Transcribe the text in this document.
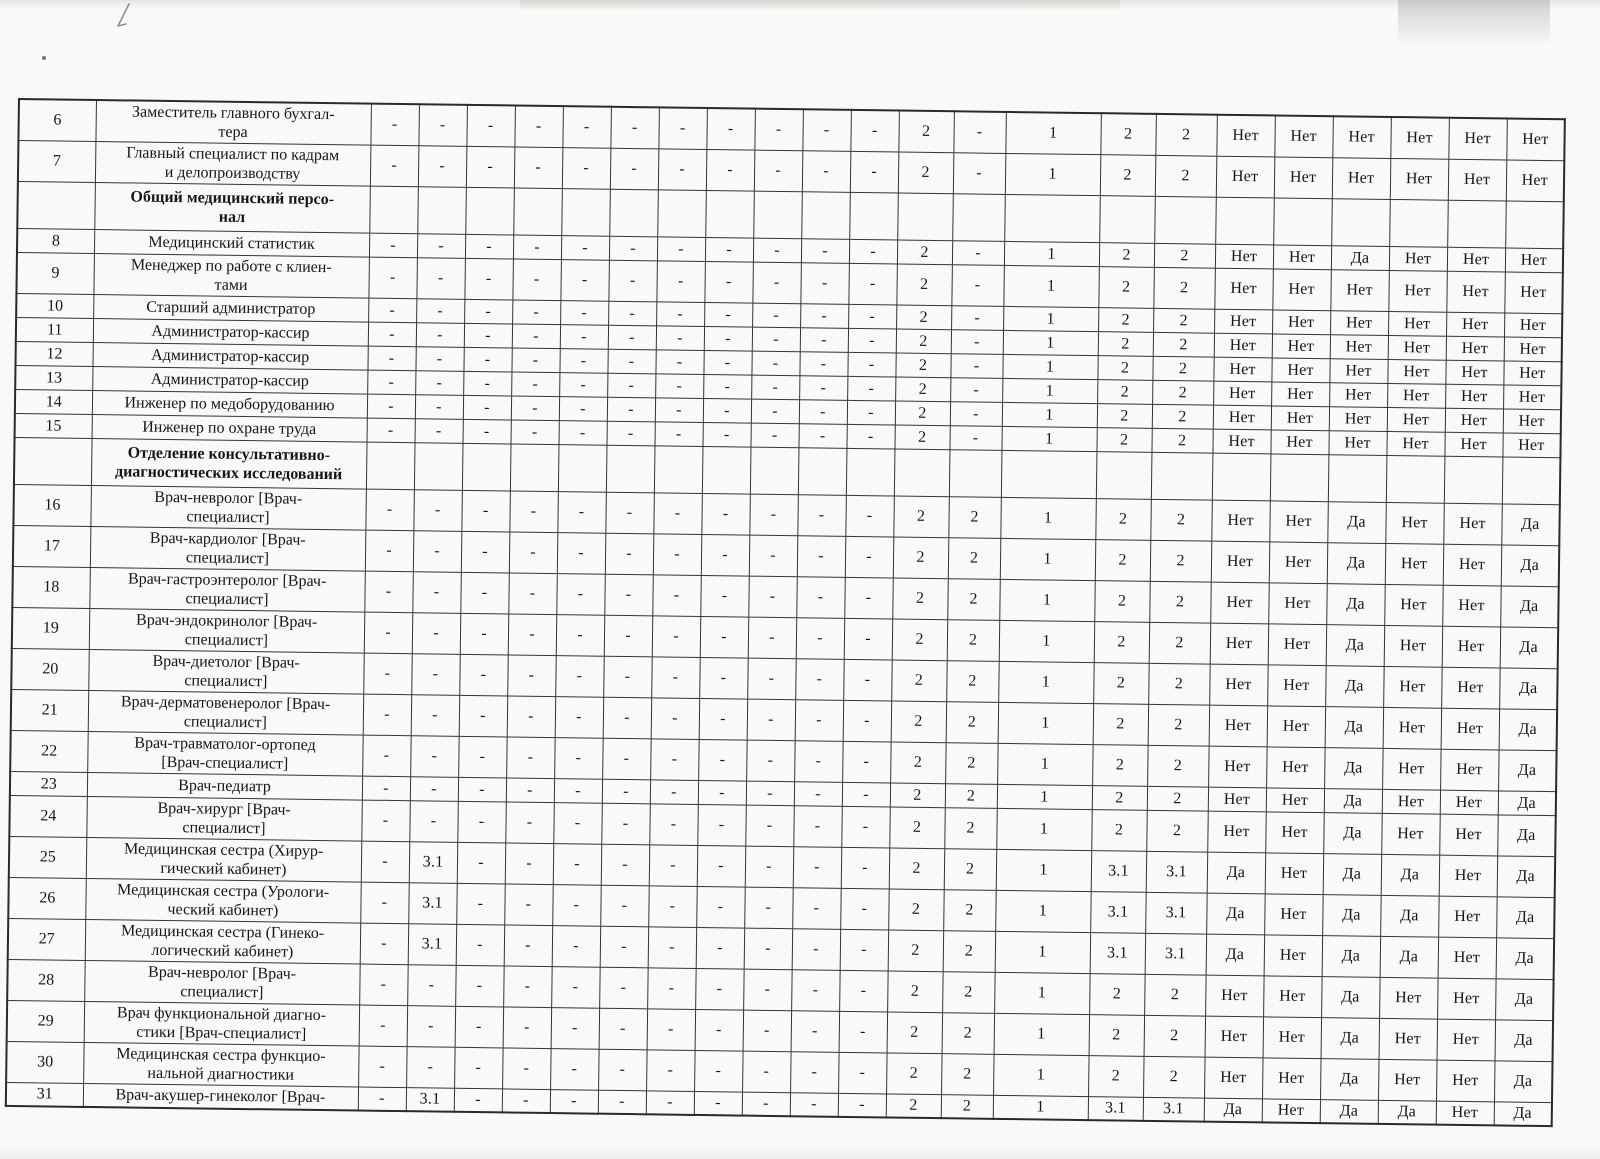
6	Заместитель главного бухгал-
тера	-	-	-	-	-	-	-	-	-	-	-	2	-	1	2	2	Нет	Нет	Нет	Нет	Нет	Нет
7	Главный специалист по кадрам
и делопроизводству	-	-	-	-	-	-	-	-	-	-	-	2	-	1	2	2	Нет	Нет	Нет	Нет	Нет	Нет
	Общий медицинский персо-
нал																						
8	Медицинский статистик	-	-	-	-	-	-	-	-	-	-	-	2	-	1	2	2	Нет	Нет	Да	Нет	Нет	Нет
9	Менеджер по работе с клиен-
тами	-	-	-	-	-	-	-	-	-	-	-	2	-	1	2	2	Нет	Нет	Нет	Нет	Нет	Нет
10	Старший администратор	-	-	-	-	-	-	-	-	-	-	-	2	-	1	2	2	Нет	Нет	Нет	Нет	Нет	Нет
11	Администратор-кассир	-	-	-	-	-	-	-	-	-	-	-	2	-	1	2	2	Нет	Нет	Нет	Нет	Нет	Нет
12	Администратор-кассир	-	-	-	-	-	-	-	-	-	-	-	2	-	1	2	2	Нет	Нет	Нет	Нет	Нет	Нет
13	Администратор-кассир	-	-	-	-	-	-	-	-	-	-	-	2	-	1	2	2	Нет	Нет	Нет	Нет	Нет	Нет
14	Инженер по медоборудованию	-	-	-	-	-	-	-	-	-	-	-	2	-	1	2	2	Нет	Нет	Нет	Нет	Нет	Нет
15	Инженер по охране труда	-	-	-	-	-	-	-	-	-	-	-	2	-	1	2	2	Нет	Нет	Нет	Нет	Нет	Нет
	Отделение консультативно-
диагностических исследований																						
16	Врач-невролог [Врач-
специалист]	-	-	-	-	-	-	-	-	-	-	-	2	2	1	2	2	Нет	Нет	Да	Нет	Нет	Да
17	Врач-кардиолог [Врач-
специалист]	-	-	-	-	-	-	-	-	-	-	-	2	2	1	2	2	Нет	Нет	Да	Нет	Нет	Да
18	Врач-гастроэнтеролог [Врач-
специалист]	-	-	-	-	-	-	-	-	-	-	-	2	2	1	2	2	Нет	Нет	Да	Нет	Нет	Да
19	Врач-эндокринолог [Врач-
специалист]	-	-	-	-	-	-	-	-	-	-	-	2	2	1	2	2	Нет	Нет	Да	Нет	Нет	Да
20	Врач-диетолог [Врач-
специалист]	-	-	-	-	-	-	-	-	-	-	-	2	2	1	2	2	Нет	Нет	Да	Нет	Нет	Да
21	Врач-дерматовенеролог [Врач-
специалист]	-	-	-	-	-	-	-	-	-	-	-	2	2	1	2	2	Нет	Нет	Да	Нет	Нет	Да
22	Врач-травматолог-ортопед
[Врач-специалист]	-	-	-	-	-	-	-	-	-	-	-	2	2	1	2	2	Нет	Нет	Да	Нет	Нет	Да
23	Врач-педиатр	-	-	-	-	-	-	-	-	-	-	-	2	2	1	2	2	Нет	Нет	Да	Нет	Нет	Да
24	Врач-хирург [Врач-
специалист]	-	-	-	-	-	-	-	-	-	-	-	2	2	1	2	2	Нет	Нет	Да	Нет	Нет	Да
25	Медицинская сестра (Хирур-
гический кабинет)	-	3.1	-	-	-	-	-	-	-	-	-	2	2	1	3.1	3.1	Да	Нет	Да	Да	Нет	Да
26	Медицинская сестра (Урологи-
ческий кабинет)	-	3.1	-	-	-	-	-	-	-	-	-	2	2	1	3.1	3.1	Да	Нет	Да	Да	Нет	Да
27	Медицинская сестра (Гинеко-
логический кабинет)	-	3.1	-	-	-	-	-	-	-	-	-	2	2	1	3.1	3.1	Да	Нет	Да	Да	Нет	Да
28	Врач-невролог [Врач-
специалист]	-	-	-	-	-	-	-	-	-	-	-	2	2	1	2	2	Нет	Нет	Да	Нет	Нет	Да
29	Врач функциональной диагно-
стики [Врач-специалист]	-	-	-	-	-	-	-	-	-	-	-	2	2	1	2	2	Нет	Нет	Да	Нет	Нет	Да
30	Медицинская сестра функцио-
нальной диагностики	-	-	-	-	-	-	-	-	-	-	-	2	2	1	2	2	Нет	Нет	Да	Нет	Нет	Да
31	Врач-акушер-гинеколог [Врач-	-	3.1	-	-	-	-	-	-	-	-	-	2	2	1	3.1	3.1	Да	Нет	Да	Да	Нет	Да
